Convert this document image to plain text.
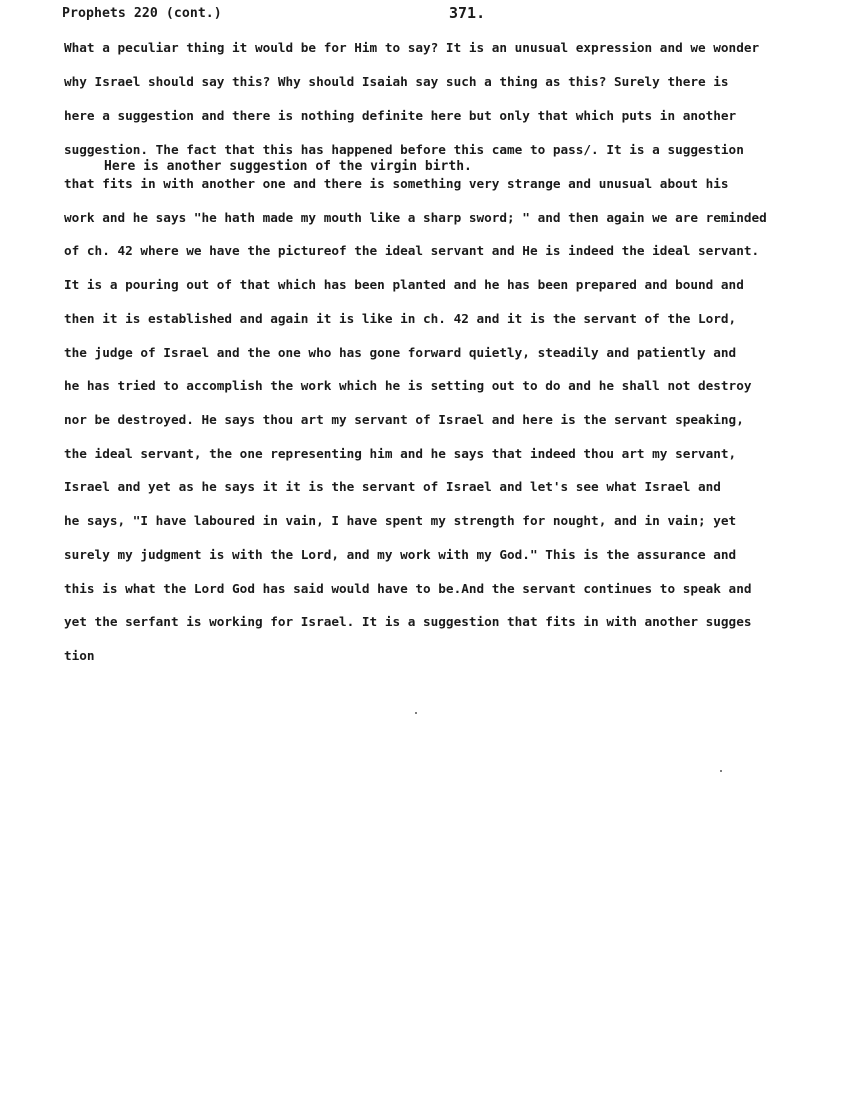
Prophets 220 (cont.)	371.
What a peculiar thing it would be for Him to say? It is an unusual expression and we wonder
why Israel should say this? Why should Isaiah say such a thing as this? Surely there is
here a suggestion and there is nothing definite here but only that which puts in another
suggestion. The fact that this has happened before this came to pass/. It is a suggestion
Here is another suggestion of the virgin birth.
that fits in with another one and there is something very strange and unusual about his
work and he says "he hath made my mouth like a sharp sword; " and then again we are reminded
of ch. 42 where we have the pictureof the ideal servant and He is indeed the ideal servant.
It is a pouring out of that which has been planted and he has been prepared and bound and
then it is established and again it is like in ch. 42 and it is the servant of the Lord,
the judge of Israel and the one who has gone forward quietly, steadily and patiently and
he has tried to accomplish the work which he is setting out to do and he shall not destroy
nor be destroyed. He says thou art my servant of Israel and here is the servant speaking,
the ideal servant, the one representing him and he says that indeed thou art my servant,
Israel and yet as he says it it is the servant of Israel and let's see what Israel and
he says, "I have laboured in vain, I have spent my strength for nought, and in vain; yet
surely my judgment is with the Lord, and my work with my God." This is the assurance and
this is what the Lord God has said would have to be.And the servant continues to speak and
yet the serfant is working for Israel. It is a suggestion that fits in with another sugges
tion
